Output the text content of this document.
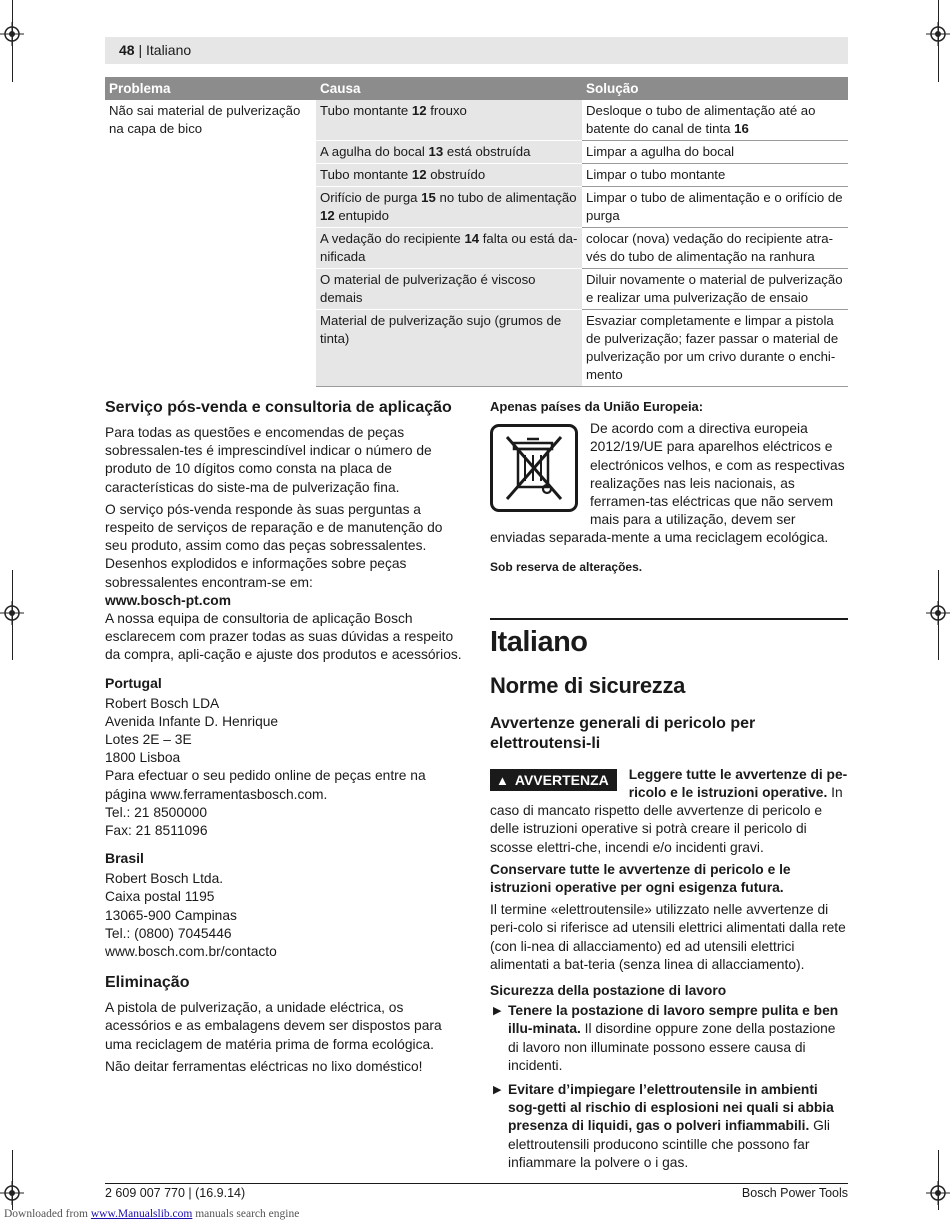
48 | Italiano
Problema	Causa	Solução
Não sai material de pulverização na capa de bico	Tubo montante 12 frouxo	Desloque o tubo de alimentação até ao batente do canal de tinta 16
	A agulha do bocal 13 está obstruída	Limpar a agulha do bocal
	Tubo montante 12 obstruído	Limpar o tubo montante
	Orifício de purga 15 no tubo de alimentação 12 entupido	Limpar o tubo de alimentação e o orifício de purga
	A vedação do recipiente 14 falta ou está da-nificada	colocar (nova) vedação do recipiente atra-vés do tubo de alimentação na ranhura
	O material de pulverização é viscoso demais	Diluir novamente o material de pulverização e realizar uma pulverização de ensaio
	Material de pulverização sujo (grumos de tinta)	Esvaziar completamente e limpar a pistola de pulverização; fazer passar o material de pulverização por um crivo durante o enchi-mento
Serviço pós-venda e consultoria de aplicação

Para todas as questões e encomendas de peças sobressalen-tes é imprescindível indicar o número de produto de 10 dígitos como consta na placa de características do siste-ma de pulverização fina.

O serviço pós-venda responde às suas perguntas a respeito de serviços de reparação e de manutenção do seu produto, assim como das peças sobressalentes. Desenhos explodidos e informações sobre peças sobressalentes encontram-se em:
www.bosch-pt.com

A nossa equipa de consultoria de aplicação Bosch esclarecem com prazer todas as suas dúvidas a respeito da compra, apli-cação e ajuste dos produtos e acessórios.

Portugal
Robert Bosch LDA
Avenida Infante D. Henrique
Lotes 2E – 3E
1800 Lisboa
Para efectuar o seu pedido online de peças entre na página www.ferramentasbosch.com.
Tel.: 21 8500000
Fax: 21 8511096
Brasil
Robert Bosch Ltda.
Caixa postal 1195
13065-900 Campinas
Tel.: (0800) 7045446
www.bosch.com.br/contacto
Eliminação

A pistola de pulverização, a unidade eléctrica, os acessórios e as embalagens devem ser dispostos para uma reciclagem de matéria prima de forma ecológica.

Não deitar ferramentas eléctricas no lixo doméstico!

Apenas países da União Europeia:
De acordo com a directiva europeia 2012/19/UE para aparelhos eléctricos e electrónicos velhos, e com as respectivas realizações nas leis nacionais, as ferramen-tas eléctricas que não servem mais para a utilização, devem ser enviadas separada-mente a uma reciclagem ecológica.
Sob reserva de alterações.
Italiano
Norme di sicurezza
Avvertenze generali di pericolo per elettroutensi-li
▲ AVVERTENZA	Leggere tutte le avvertenze di pe-ricolo e le istruzioni operative. In caso di mancato rispetto delle avvertenze di pericolo e delle istruzioni operative si potrà creare il pericolo di scosse elettri-che, incendi e/o incidenti gravi.

Conservare tutte le avvertenze di pericolo e le istruzioni operative per ogni esigenza futura.

Il termine «elettroutensile» utilizzato nelle avvertenze di peri-colo si riferisce ad utensili elettrici alimentati dalla rete (con li-nea di allacciamento) ed ad utensili elettrici alimentati a bat-teria (senza linea di allacciamento).

Sicurezza della postazione di lavoro
▶ Tenere la postazione di lavoro sempre pulita e ben illu-minata. Il disordine oppure zone della postazione di lavoro non illuminate possono essere causa di incidenti.
▶ Evitare d’impiegare l’elettroutensile in ambienti sog-getti al rischio di esplosioni nei quali si abbia presenza di liquidi, gas o polveri infiammabili. Gli elettroutensili producono scintille che possono far infiammare la polvere o i gas.
2 609 007 770 | (16.9.14)	Bosch Power Tools
Downloaded from www.Manualslib.com manuals search engine
